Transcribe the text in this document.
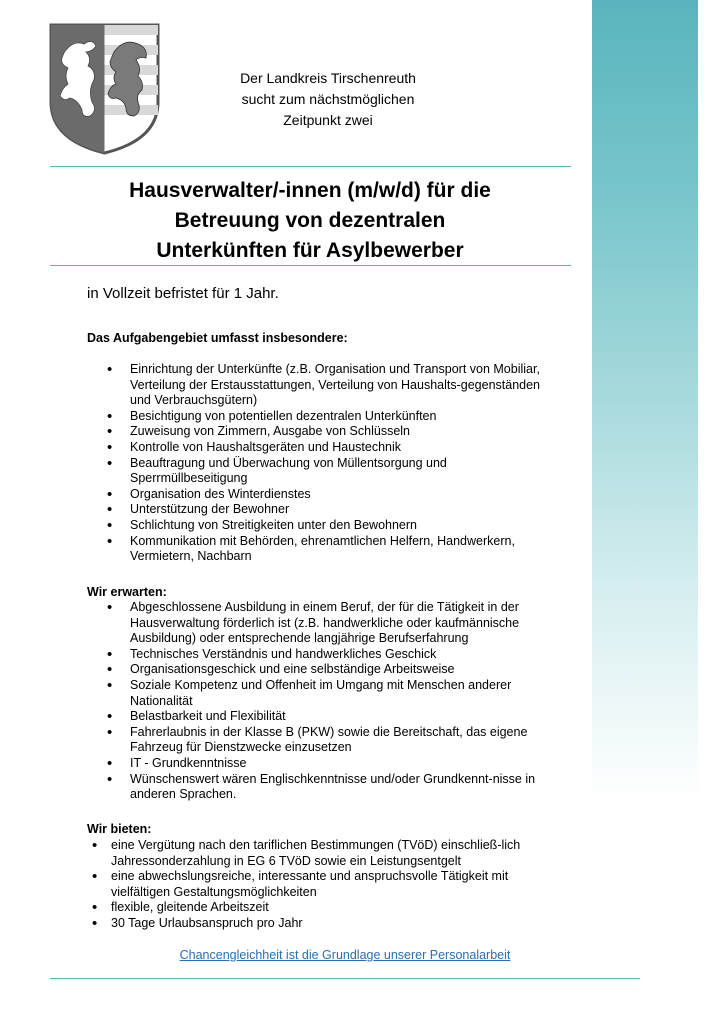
Der Landkreis Tirschenreuth
sucht zum nächstmöglichen
Zeitpunkt zwei
Hausverwalter/-innen (m/w/d) für die
Betreuung von dezentralen
Unterkünften für Asylbewerber
in Vollzeit befristet für 1 Jahr.
Das Aufgabengebiet umfasst insbesondere:
• Einrichtung der Unterkünfte (z.B. Organisation und Transport von Mobiliar, Verteilung der Erstausstattungen, Verteilung von Haushalts-gegenständen und Verbrauchsgütern)
• Besichtigung von potentiellen dezentralen Unterkünften
• Zuweisung von Zimmern, Ausgabe von Schlüsseln
• Kontrolle von Haushaltsgeräten und Haustechnik
• Beauftragung und Überwachung von Müllentsorgung und Sperrmüllbeseitigung
• Organisation des Winterdienstes
• Unterstützung der Bewohner
• Schlichtung von Streitigkeiten unter den Bewohnern
• Kommunikation mit Behörden, ehrenamtlichen Helfern, Handwerkern, Vermietern, Nachbarn
Wir erwarten:
• Abgeschlossene Ausbildung in einem Beruf, der für die Tätigkeit in der Hausverwaltung förderlich ist (z.B. handwerkliche oder kaufmännische Ausbildung) oder entsprechende langjährige Berufserfahrung
• Technisches Verständnis und handwerkliches Geschick
• Organisationsgeschick und eine selbständige Arbeitsweise
• Soziale Kompetenz und Offenheit im Umgang mit Menschen anderer Nationalität
• Belastbarkeit und Flexibilität
• Fahrerlaubnis in der Klasse B (PKW) sowie die Bereitschaft, das eigene Fahrzeug für Dienstzwecke einzusetzen
• IT - Grundkenntnisse
• Wünschenswert wären Englischkenntnisse und/oder Grundkennt-nisse in anderen Sprachen.
Wir bieten:
• eine Vergütung nach den tariflichen Bestimmungen (TVöD) einschließ-lich Jahressonderzahlung in EG 6 TVöD sowie ein Leistungsentgelt
• eine abwechslungsreiche, interessante und anspruchsvolle Tätigkeit mit vielfältigen Gestaltungsmöglichkeiten
• flexible, gleitende Arbeitszeit
• 30 Tage Urlaubsanspruch pro Jahr
Chancengleichheit ist die Grundlage unserer Personalarbeit
